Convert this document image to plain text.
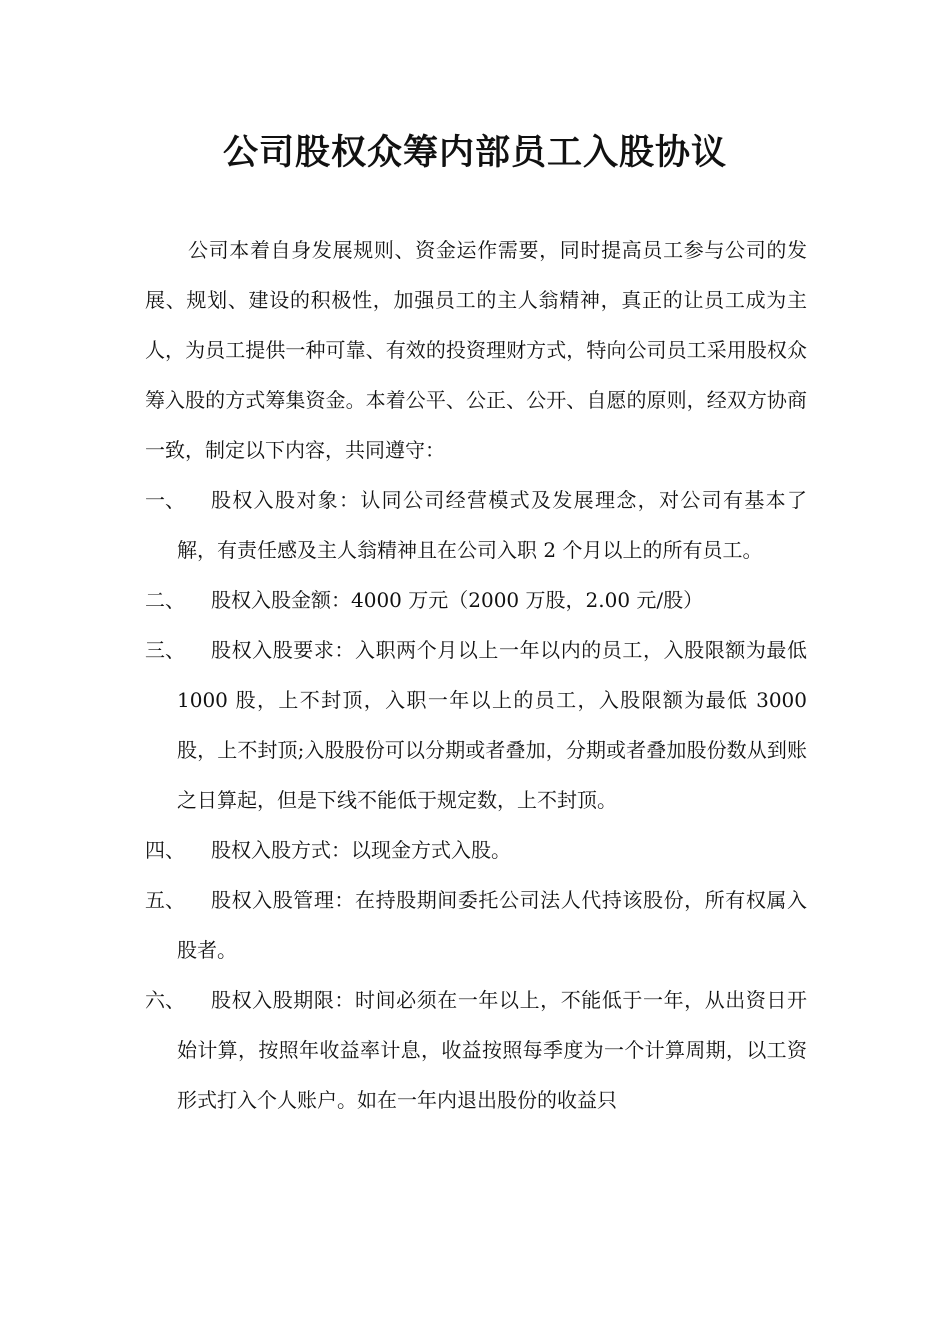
公司股权众筹内部员工入股协议
公司本着自身发展规则、资金运作需要，同时提高员工参与公司的发展、规划、建设的积极性，加强员工的主人翁精神，真正的让员工成为主人，为员工提供一种可靠、有效的投资理财方式，特向公司员工采用股权众筹入股的方式筹集资金。本着公平、公正、公开、自愿的原则，经双方协商一致，制定以下内容，共同遵守：
一、	股权入股对象：认同公司经营模式及发展理念，对公司有基本了解，有责任感及主人翁精神且在公司入职 2 个月以上的所有员工。
二、	股权入股金额：4000 万元（2000 万股，2.00 元/股）
三、	股权入股要求：入职两个月以上一年以内的员工，入股限额为最低 1000 股，上不封顶，入职一年以上的员工，入股限额为最低 3000 股，上不封顶;入股股份可以分期或者叠加，分期或者叠加股份数从到账之日算起，但是下线不能低于规定数，上不封顶。
四、	股权入股方式：以现金方式入股。
五、	股权入股管理：在持股期间委托公司法人代持该股份，所有权属入股者。
六、	股权入股期限：时间必须在一年以上，不能低于一年，从出资日开始计算，按照年收益率计息，收益按照每季度为一个计算周期，以工资形式打入个人账户。如在一年内退出股份的收益只
